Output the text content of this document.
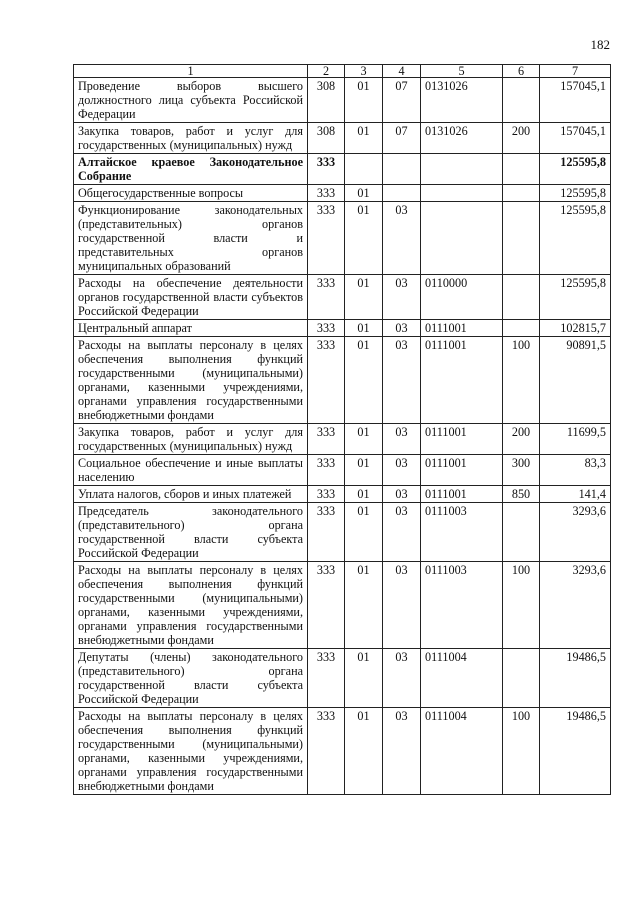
182
1	2	3	4	5	6	7
Проведение выборов высшего должностного лица субъекта Российской Федерации	308	01	07	0131026		157045,1
Закупка товаров, работ и услуг для государственных (муниципальных) нужд	308	01	07	0131026	200	157045,1
Алтайское краевое Законодательное Собрание	333					125595,8
Общегосударственные вопросы	333	01				125595,8
Функционирование законодательных (представительных) органов государственной власти и представительных органов муниципальных образований	333	01	03			125595,8
Расходы на обеспечение деятельности органов государственной власти субъектов Российской Федерации	333	01	03	0110000		125595,8
Центральный аппарат	333	01	03	0111001		102815,7
Расходы на выплаты персоналу в целях обеспечения выполнения функций государственными (муниципальными) органами, казенными учреждениями, органами управления государственными внебюджетными фондами	333	01	03	0111001	100	90891,5
Закупка товаров, работ и услуг для государственных (муниципальных) нужд	333	01	03	0111001	200	11699,5
Социальное обеспечение и иные выплаты населению	333	01	03	0111001	300	83,3
Уплата налогов, сборов и иных платежей	333	01	03	0111001	850	141,4
Председатель законодательного (представительного) органа государственной власти субъекта Российской Федерации	333	01	03	0111003		3293,6
Расходы на выплаты персоналу в целях обеспечения выполнения функций государственными (муниципальными) органами, казенными учреждениями, органами управления государственными внебюджетными фондами	333	01	03	0111003	100	3293,6
Депутаты (члены) законодательного (представительного) органа государственной власти субъекта Российской Федерации	333	01	03	0111004		19486,5
Расходы на выплаты персоналу в целях обеспечения выполнения функций государственными (муниципальными) органами, казенными учреждениями, органами управления государственными внебюджетными фондами	333	01	03	0111004	100	19486,5
